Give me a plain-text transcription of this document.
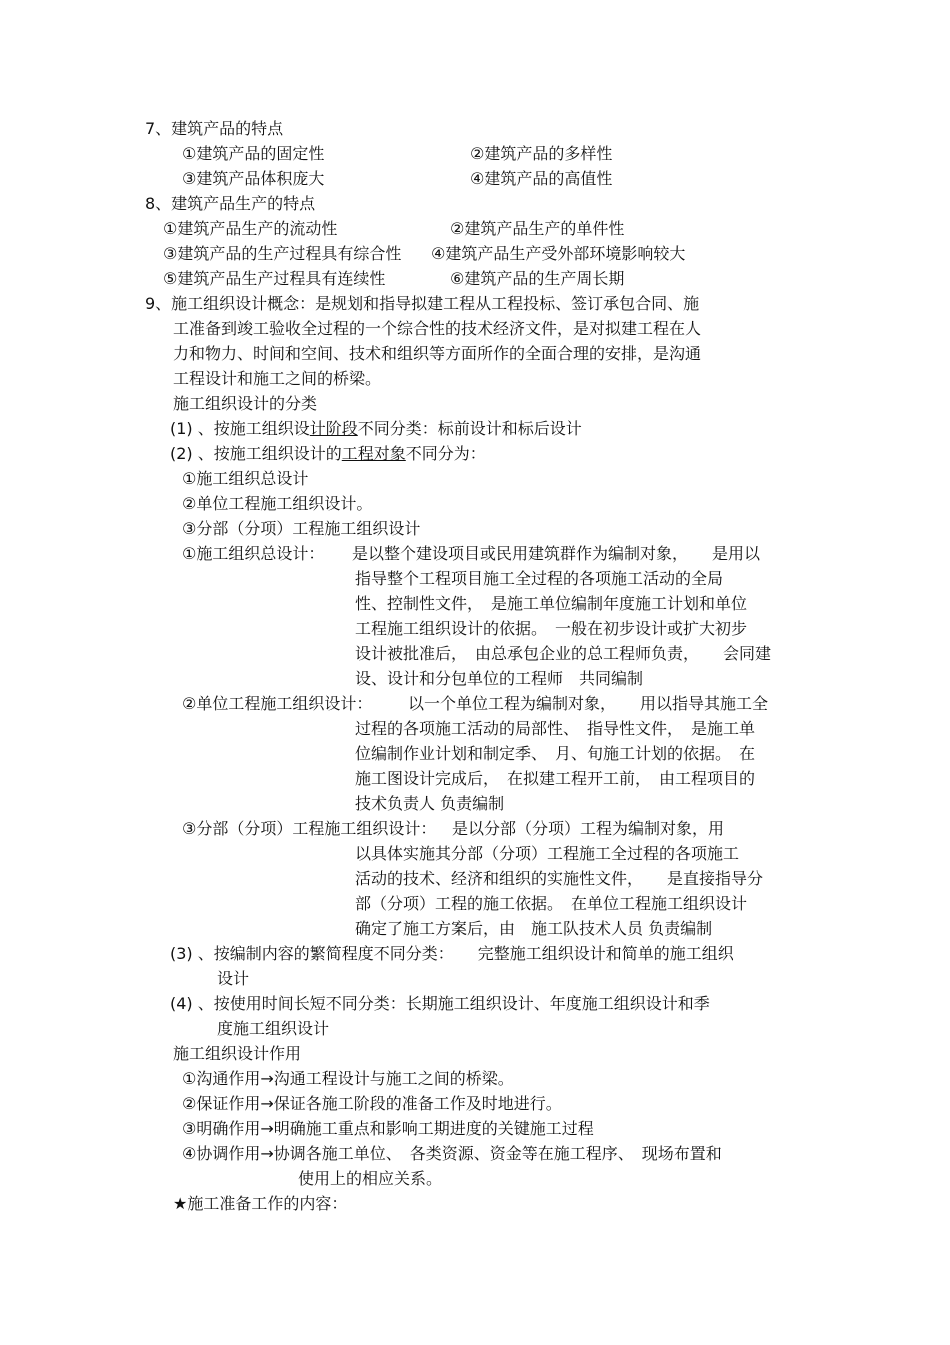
7、建筑产品的特点
①建筑产品的固定性	②建筑产品的多样性
③建筑产品体积庞大	④建筑产品的高值性
8、建筑产品生产的特点
①建筑产品生产的流动性	②建筑产品生产的单件性
③建筑产品的生产过程具有综合性 ④建筑产品生产受外部环境影响较大
⑤建筑产品生产过程具有连续性	⑥建筑产品的生产周长期
9、施工组织设计概念：是规划和指导拟建工程从工程投标、签订承包合同、施
工准备到竣工验收全过程的一个综合性的技术经济文件，是对拟建工程在人
力和物力、时间和空间、技术和组织等方面所作的全面合理的安排，是沟通
工程设计和施工之间的桥梁。
施工组织设计的分类
(1) 、按施工组织设计阶段不同分类：标前设计和标后设计
(2) 、按施工组织设计的工程对象不同分为：
①施工组织总设计
②单位工程施工组织设计。
③分部（分项）工程施工组织设计
①施工组织总设计： 是以整个建设项目或民用建筑群作为编制对象，　　是用以
指导整个工程项目施工全过程的各项施工活动的全局
性、控制性文件，　是施工单位编制年度施工计划和单位
工程施工组织设计的依据。　一般在初步设计或扩大初步
设计被批准后，　由总承包企业的总工程师负责，　　会同建
设、设计和分包单位的工程师　共同编制
②单位工程施工组织设计： 以一个单位工程为编制对象，　　用以指导其施工全
过程的各项施工活动的局部性、　指导性文件，　是施工单
位编制作业计划和制定季、　月、旬施工计划的依据。　在
施工图设计完成后，　在拟建工程开工前，　由工程项目的
技术负责人 负责编制
③分部（分项）工程施工组织设计： 是以分部（分项）工程为编制对象，用
以具体实施其分部（分项）工程施工全过程的各项施工
活动的技术、经济和组织的实施性文件，　　是直接指导分
部（分项）工程的施工依据。　在单位工程施工组织设计
确定了施工方案后，由　施工队技术人员 负责编制
(3) 、按编制内容的繁简程度不同分类：　　完整施工组织设计和简单的施工组织
设计
(4) 、按使用时间长短不同分类：长期施工组织设计、年度施工组织设计和季
度施工组织设计
施工组织设计作用
①沟通作用→沟通工程设计与施工之间的桥梁。
②保证作用→保证各施工阶段的准备工作及时地进行。
③明确作用→明确施工重点和影响工期进度的关键施工过程
④协调作用→协调各施工单位、　各类资源、资金等在施工程序、　现场布置和
使用上的相应关系。
★施工准备工作的内容：
